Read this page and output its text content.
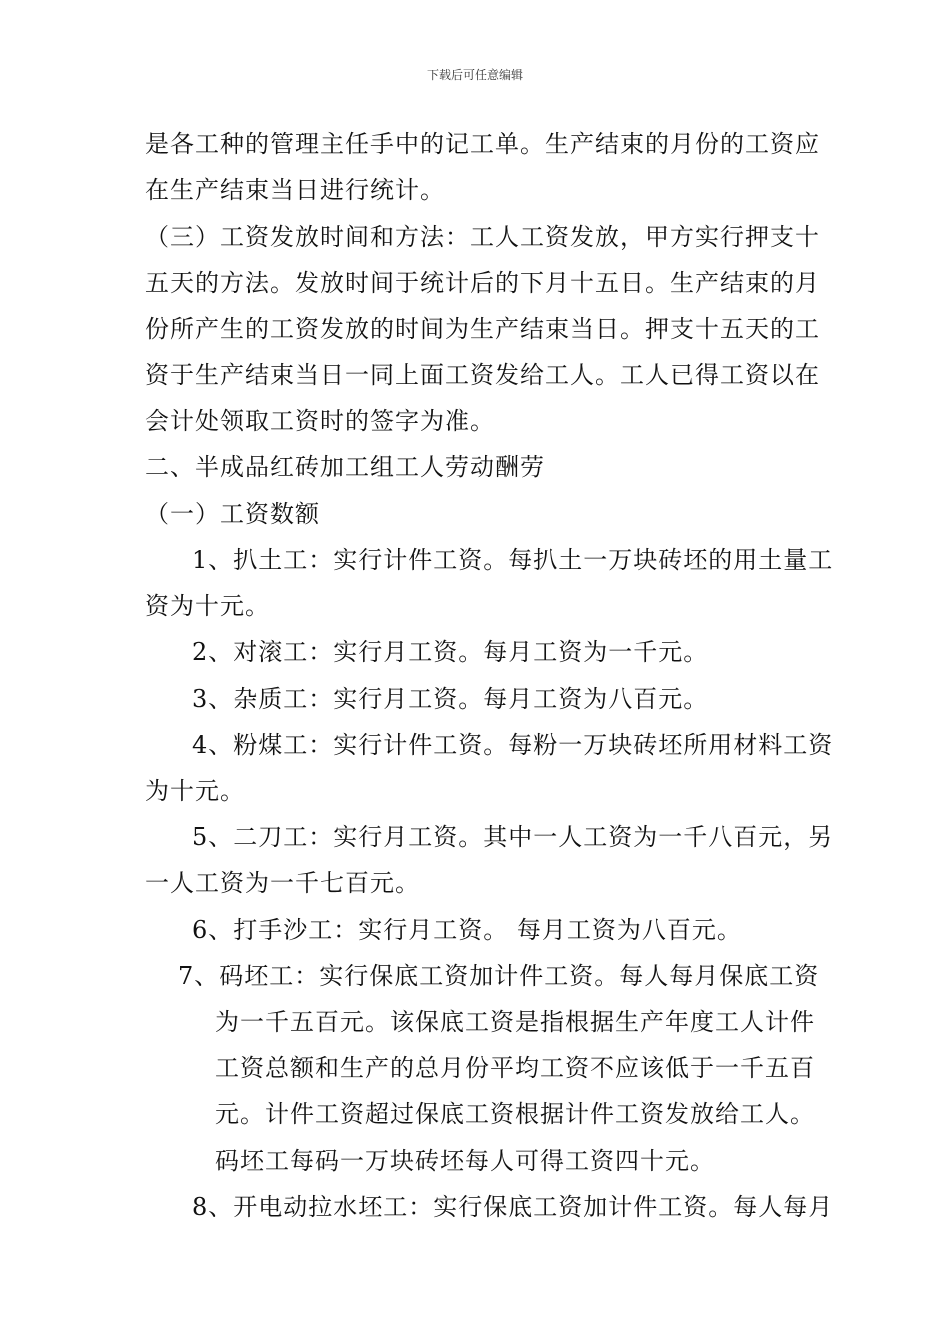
下载后可任意编辑
是各工种的管理主任手中的记工单。生产结束的月份的工资应
在生产结束当日进行统计。
（三）工资发放时间和方法：工人工资发放，甲方实行押支十
五天的方法。发放时间于统计后的下月十五日。生产结束的月
份所产生的工资发放的时间为生产结束当日。押支十五天的工
资于生产结束当日一同上面工资发给工人。工人已得工资以在
会计处领取工资时的签字为准。
二、半成品红砖加工组工人劳动酬劳
（一）工资数额
1、扒土工：实行计件工资。每扒土一万块砖坯的用土量工
资为十元。
2、对滚工：实行月工资。每月工资为一千元。
3、杂质工：实行月工资。每月工资为八百元。
4、粉煤工：实行计件工资。每粉一万块砖坯所用材料工资
为十元。
5、二刀工：实行月工资。其中一人工资为一千八百元，另
一人工资为一千七百元。
6、打手沙工：实行月工资。 每月工资为八百元。
7、码坯工：实行保底工资加计件工资。每人每月保底工资
为一千五百元。该保底工资是指根据生产年度工人计件
工资总额和生产的总月份平均工资不应该低于一千五百
元。计件工资超过保底工资根据计件工资发放给工人。
码坯工每码一万块砖坯每人可得工资四十元。
8、开电动拉水坯工：实行保底工资加计件工资。每人每月
